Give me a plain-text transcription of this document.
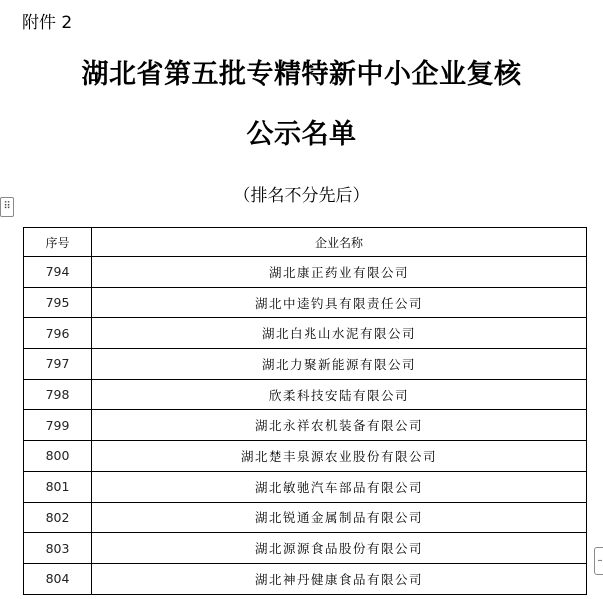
附件 2
湖北省第五批专精特新中小企业复核
公示名单
（排名不分先后）
⠿
–
序号	企业名称
794	湖北康正药业有限公司
795	湖北中逵钓具有限责任公司
796	湖北白兆山水泥有限公司
797	湖北力聚新能源有限公司
798	欣柔科技安陆有限公司
799	湖北永祥农机装备有限公司
800	湖北楚丰泉源农业股份有限公司
801	湖北敏驰汽车部品有限公司
802	湖北锐通金属制品有限公司
803	湖北源源食品股份有限公司
804	湖北神丹健康食品有限公司
